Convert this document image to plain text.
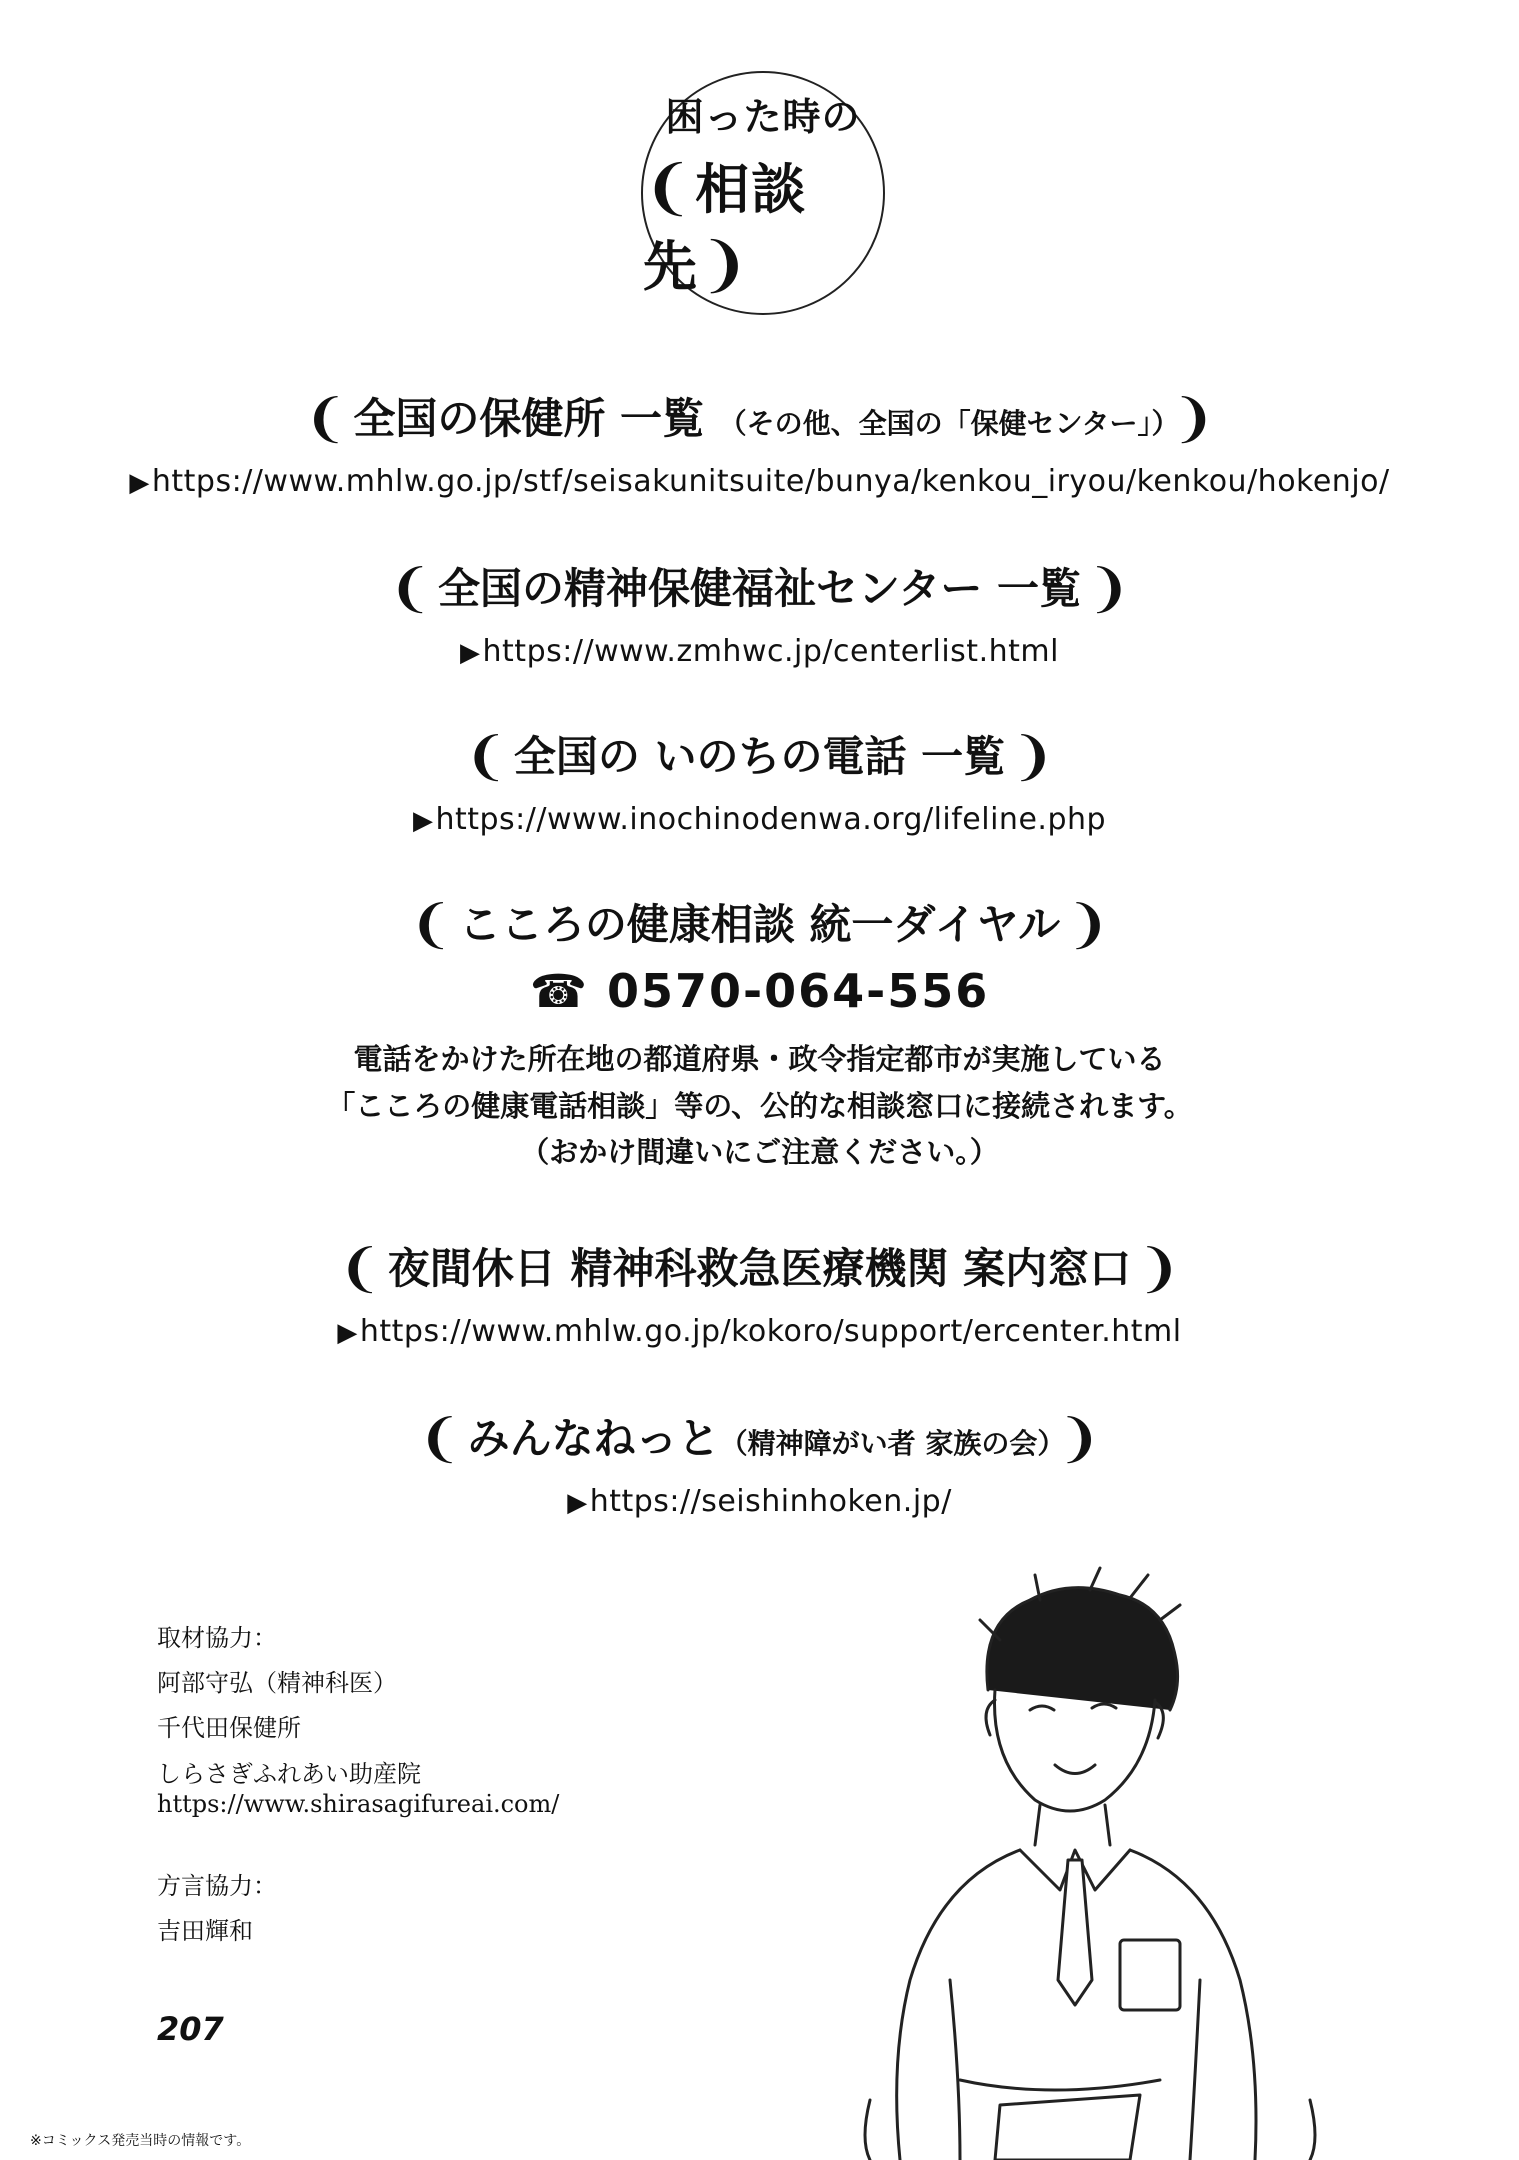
困った時の
❨相談先❩
❨ 全国の保健所 一覧 （その他、全国の「保健センター」） ❩
▶https://www.mhlw.go.jp/stf/seisakunitsuite/bunya/kenkou_iryou/kenkou/hokenjo/
❨ 全国の精神保健福祉センター 一覧 ❩
▶https://www.zmhwc.jp/centerlist.html
❨ 全国の いのちの電話 一覧 ❩
▶https://www.inochinodenwa.org/lifeline.php
❨ こころの健康相談 統一ダイヤル ❩
☎ 0570-064-556
電話をかけた所在地の都道府県・政令指定都市が実施している
「こころの健康電話相談」等の、公的な相談窓口に接続されます。
（おかけ間違いにご注意ください。）
❨ 夜間休日 精神科救急医療機関 案内窓口 ❩
▶https://www.mhlw.go.jp/kokoro/support/ercenter.html
❨ みんなねっと（精神障がい者 家族の会） ❩
▶https://seishinhoken.jp/
取材協力：
阿部守弘（精神科医）
千代田保健所
しらさぎふれあい助産院
https://www.shirasagifureai.com/
方言協力：
吉田輝和
207
※コミックス発売当時の情報です。
